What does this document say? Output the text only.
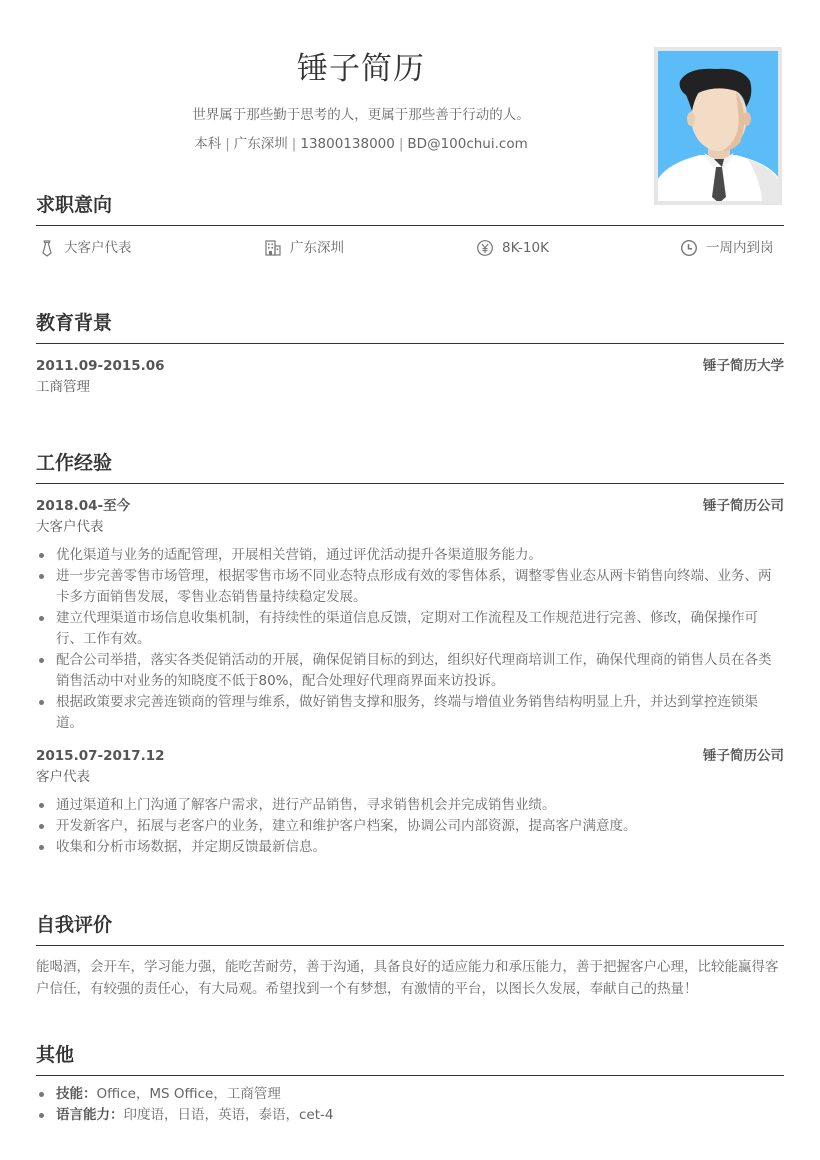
锤子简历
世界属于那些勤于思考的人，更属于那些善于行动的人。
本科 | 广东深圳 | 13800138000 | BD@100chui.com
求职意向
大客户代表	广东深圳	8K-10K	一周内到岗
教育背景
2011.09-2015.06	锤子简历大学
工商管理
工作经验
2018.04-至今	锤子简历公司
大客户代表
优化渠道与业务的适配管理，开展相关营销，通过评优活动提升各渠道服务能力。
进一步完善零售市场管理，根据零售市场不同业态特点形成有效的零售体系，调整零售业态从两卡销售向终端、业务、两卡多方面销售发展，零售业态销售量持续稳定发展。
建立代理渠道市场信息收集机制，有持续性的渠道信息反馈，定期对工作流程及工作规范进行完善、修改，确保操作可行、工作有效。
配合公司举措，落实各类促销活动的开展，确保促销目标的到达，组织好代理商培训工作，确保代理商的销售人员在各类销售活动中对业务的知晓度不低于80%，配合处理好代理商界面来访投诉。
根据政策要求完善连锁商的管理与维系，做好销售支撑和服务，终端与增值业务销售结构明显上升，并达到掌控连锁渠道。
2015.07-2017.12	锤子简历公司
客户代表
通过渠道和上门沟通了解客户需求，进行产品销售，寻求销售机会并完成销售业绩。
开发新客户，拓展与老客户的业务，建立和维护客户档案，协调公司内部资源，提高客户满意度。
收集和分析市场数据，并定期反馈最新信息。
自我评价
能喝酒，会开车，学习能力强，能吃苦耐劳，善于沟通，具备良好的适应能力和承压能力，善于把握客户心理，比较能赢得客户信任，有较强的责任心，有大局观。希望找到一个有梦想，有激情的平台，以图长久发展，奉献自己的热量！
其他
技能：Office，MS Office，工商管理
语言能力：印度语，日语，英语，泰语，cet-4
